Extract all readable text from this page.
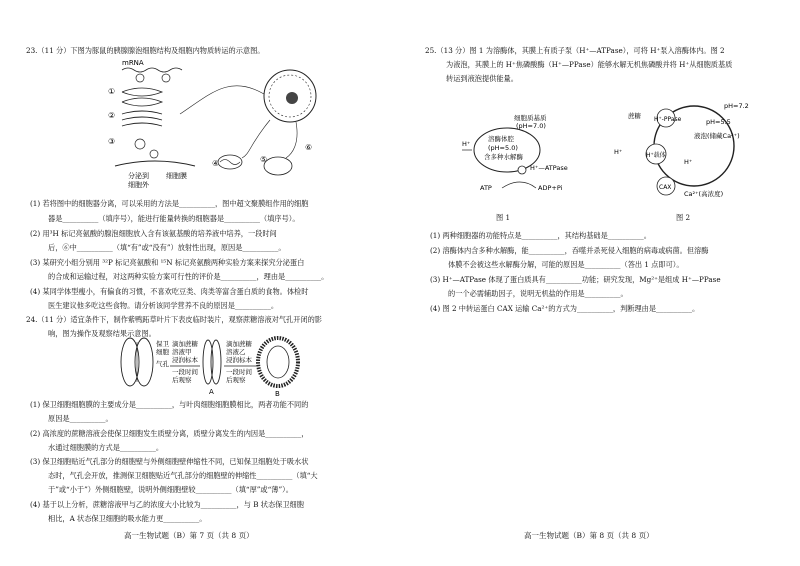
23.（11 分）下图为豚鼠的胰腺腺泡细胞结构及细胞内物质转运的示意图。
mRNA
①
②
③
分泌到
细胞外
细胞膜
④	⑤
⑥
(1) 若将图中的细胞器分离，可以采用的方法是__________，图中超文聚膜组作用的细胞
器是__________（填序号），能进行能量转换的细胞器是__________（填序号）。
(2) 用³H 标记亮氨酸的腺泡细胞放入含有该氨基酸的培养液中培养，一段时间
后，⑥中__________（填“有”或“没有”）放射性出现，原因是__________。
(3) 某研究小组分别用 ³²P 标记亮氨酸和 ¹⁵N 标记亮氨酸两种实验方案来探究分泌蛋白
的合成和运输过程，对这两种实验方案可行性的评价是__________，理由是__________。
(4) 某同学体型瘦小，有偏食的习惯，不喜欢吃豆类、肉类等富含蛋白质的食物。体检时
医生建议他多吃这些食物。请分析该同学营养不良的原因是__________。
24.（11 分）适宜条件下，制作紫鸭跖草叶片下表皮临时装片，观察蔗糖溶液对气孔开闭的影
响，图为操作及观察结果示意图。
保卫
细胞
气孔
滴加蔗糖
溶液甲
浸润标本
一段时间
后观察
A
滴加蔗糖
溶液乙
浸润标本
一段时间
后观察
B
(1) 保卫细胞细胞膜的主要成分是__________，与叶肉细胞细胞膜相比，两者功能不同的
原因是__________。
(2) 高浓度的蔗糖溶液会使保卫细胞发生质壁分离，质壁分离发生的内因是__________，
水通过细胞膜的方式是__________。
(3) 保卫细胞贴近气孔部分的细胞壁与外侧细胞壁伸缩性不同，已知保卫细胞处于吸水状
态时，气孔会开放，推测保卫细胞贴近气孔部分的细胞壁的伸缩性__________（填“大
于”或“小于”）外侧细胞壁，说明外侧细胞壁较__________（填“厚”或“薄”）。
(4) 基于以上分析，蔗糖溶液甲与乙的浓度大小比较为__________，与 B 状态保卫细胞
相比，A 状态保卫细胞的吸水能力更__________。
高一生物试题（B）第 7 页（共 8 页）
25.（13 分）图 1 为溶酶体，其膜上有质子泵（H⁺—ATPase），可将 H⁺泵入溶酶体内。图 2
为液泡，其膜上的 H⁺焦磷酸酶（H⁺—PPase）能够水解无机焦磷酸并将 H⁺从细胞质基质
转运到液泡提供能量。
细胞质基质
(pH=7.0)
溶酶体腔
(pH=5.0)
含多种水解酶
H⁺
H⁺—ATPase
ATP	ADP+Pi
图 1
pH=7.2
蔗糖 H⁺-PPase	pH=5.5
液泡(储藏Ca²⁺)
H⁺	H⁺载体
H⁺
CAX
Ca²⁺(高浓度)
图 2
(1) 两种细胞器的功能特点是__________，其结构基础是__________。
(2) 溶酶体内含多种水解酶，能__________，吞噬并杀死侵入细胞的病毒或病菌。但溶酶
体膜不会被这些水解酶分解，可能的原因是__________（答出 1 点即可）。
(3) H⁺—ATPase 体现了蛋白质具有__________功能；研究发现，Mg²⁺是组成 H⁺—PPase
的一个必需辅助因子，说明无机盐的作用是__________。
(4) 图 2 中转运蛋白 CAX 运输 Ca²⁺的方式为__________，判断理由是__________。
高一生物试题（B）第 8 页（共 8 页）
